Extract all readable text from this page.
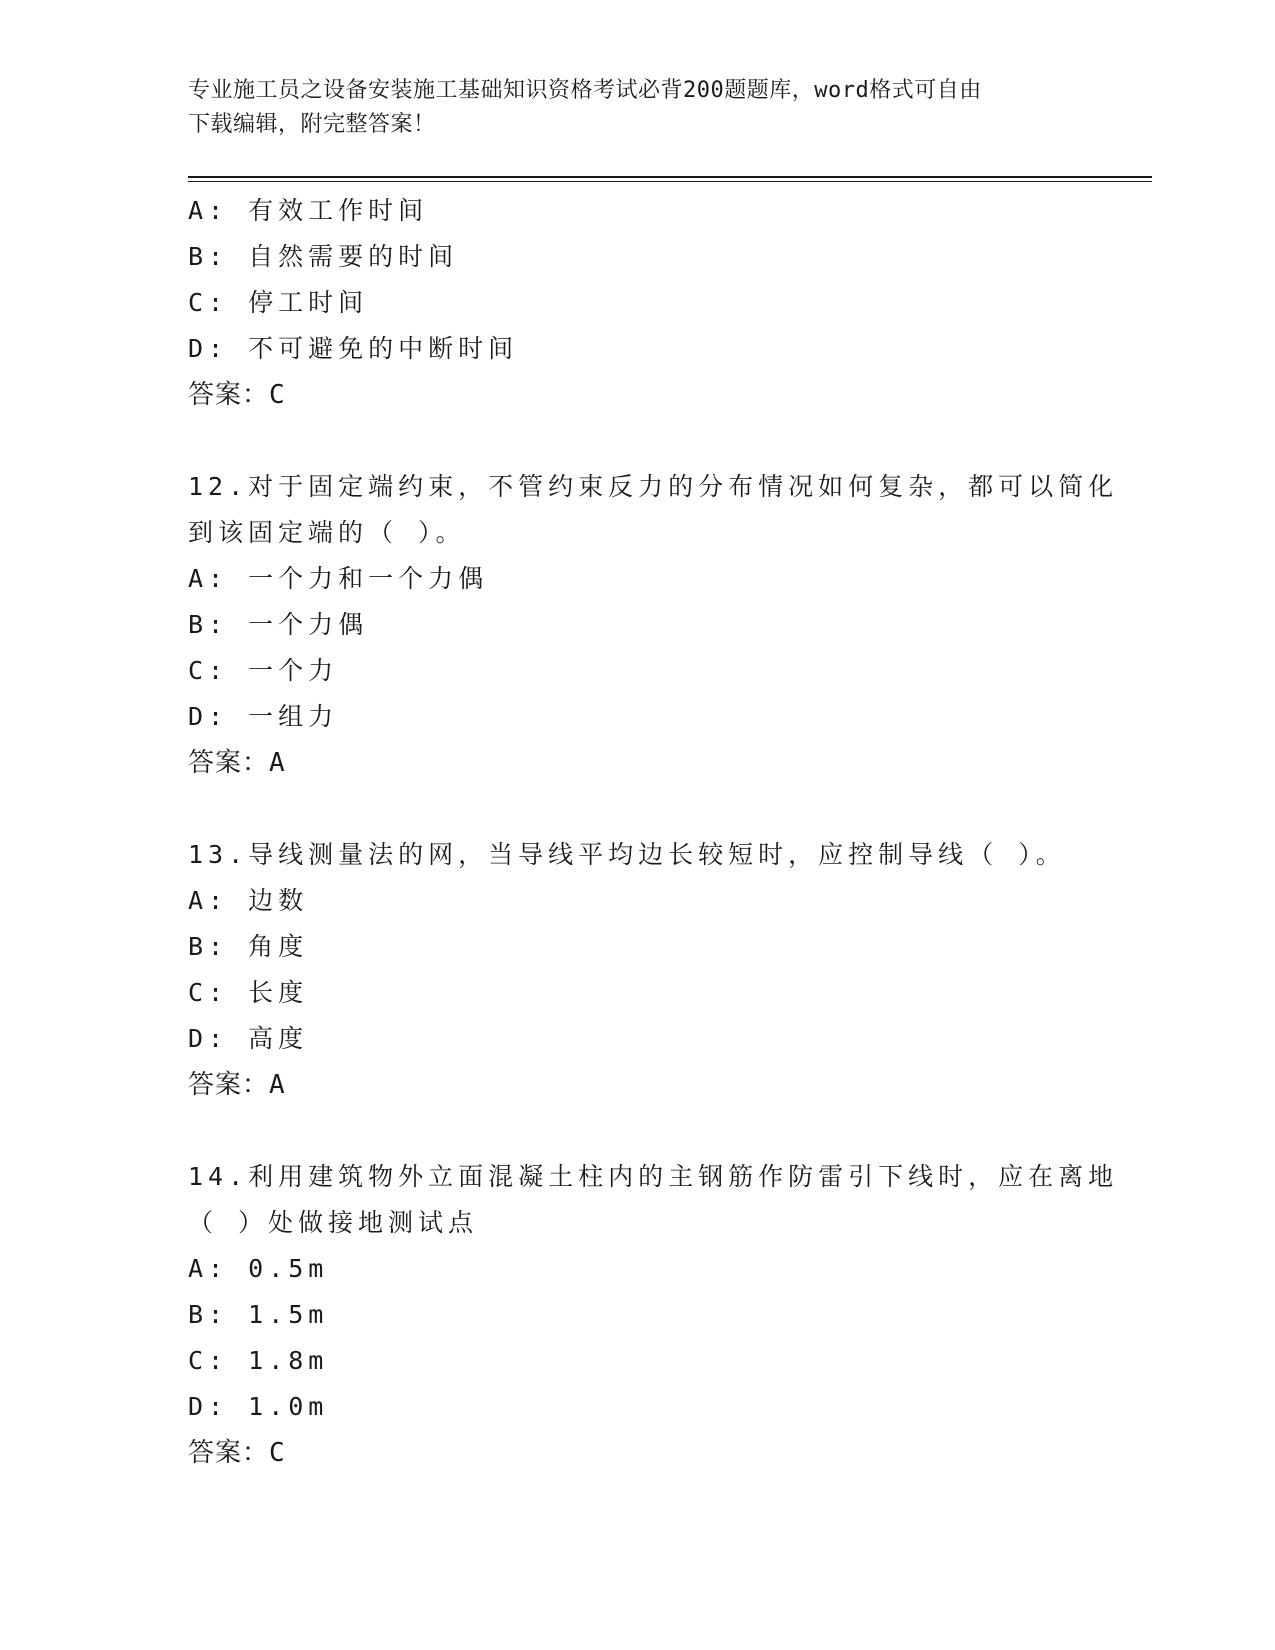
专业施工员之设备安装施工基础知识资格考试必背200题题库，word格式可自由
下载编辑，附完整答案！
A: 有效工作时间
B: 自然需要的时间
C: 停工时间
D: 不可避免的中断时间
答案：C
12.对于固定端约束，不管约束反力的分布情况如何复杂，都可以简化
到该固定端的（ ）。
A: 一个力和一个力偶
B: 一个力偶
C: 一个力
D: 一组力
答案：A
13.导线测量法的网，当导线平均边长较短时，应控制导线（ ）。
A: 边数
B: 角度
C: 长度
D: 高度
答案：A
14.利用建筑物外立面混凝土柱内的主钢筋作防雷引下线时，应在离地
（ ）处做接地测试点
A: 0.5m
B: 1.5m
C: 1.8m
D: 1.0m
答案：C
